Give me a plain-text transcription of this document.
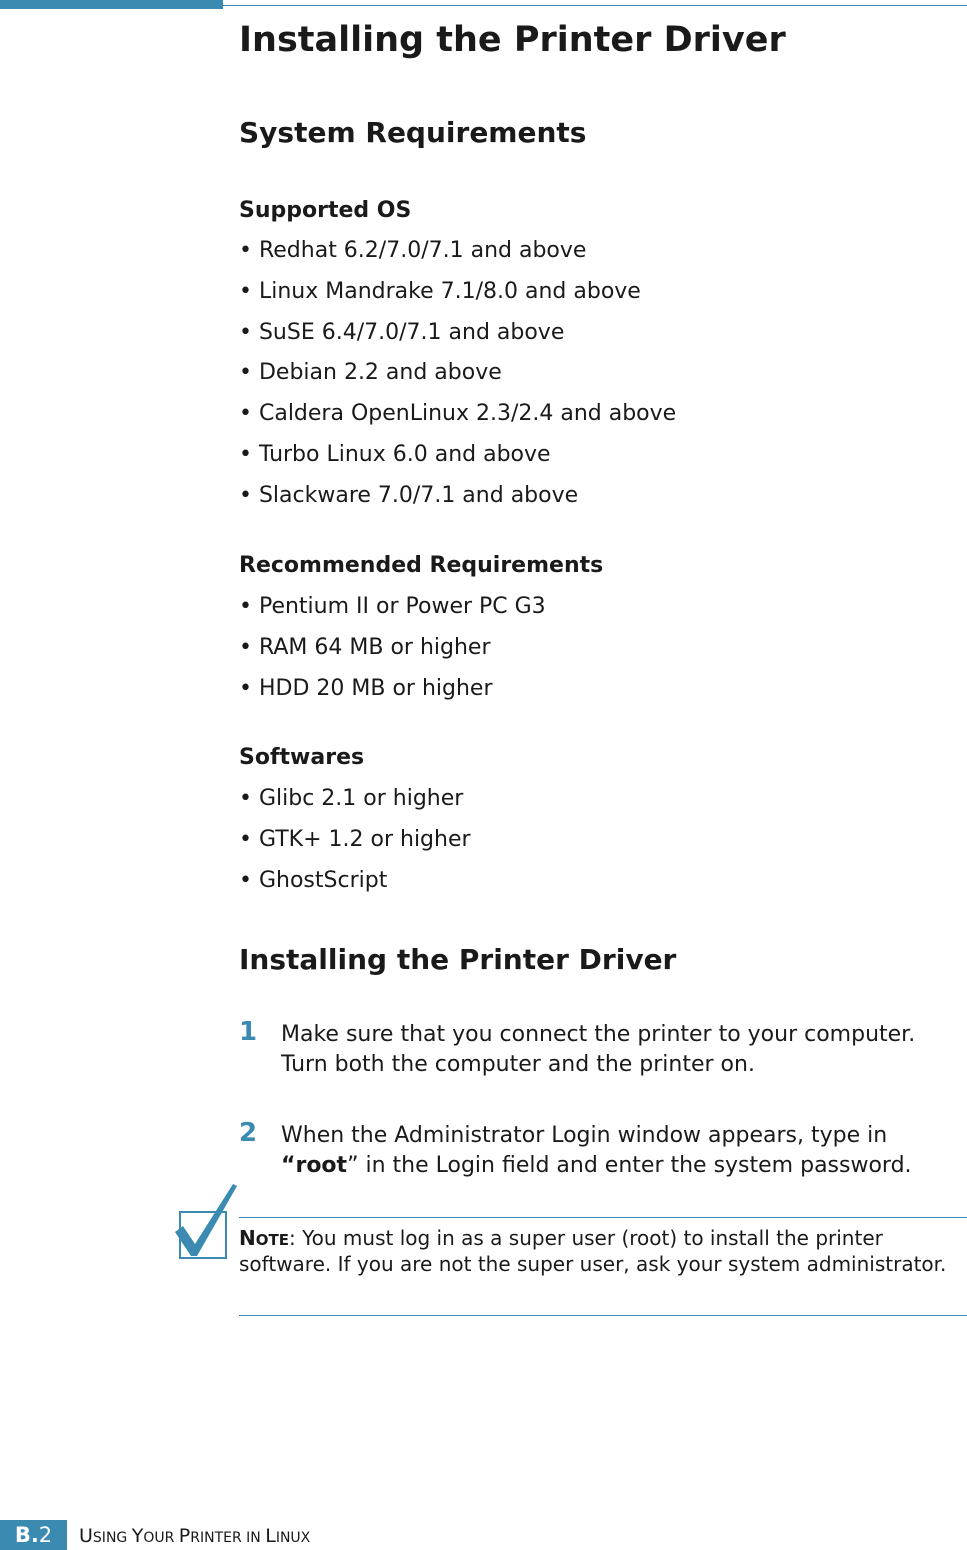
Installing the Printer Driver
System Requirements
Supported OS
• Redhat 6.2/7.0/7.1 and above
• Linux Mandrake 7.1/8.0 and above
• SuSE 6.4/7.0/7.1 and above
• Debian 2.2 and above
• Caldera OpenLinux 2.3/2.4 and above
• Turbo Linux 6.0 and above
• Slackware 7.0/7.1 and above
Recommended Requirements
• Pentium II or Power PC G3
• RAM 64 MB or higher
• HDD 20 MB or higher
Softwares
• Glibc 2.1 or higher
• GTK+ 1.2 or higher
• GhostScript
Installing the Printer Driver
1 Make sure that you connect the printer to your computer. Turn both the computer and the printer on.

2 When the Administrator Login window appears, type in “root” in the Login field and enter the system password.

NOTE: You must log in as a super user (root) to install the printer software. If you are not the super user, ask your system administrator.

B.2	USING YOUR PRINTER IN LINUX
